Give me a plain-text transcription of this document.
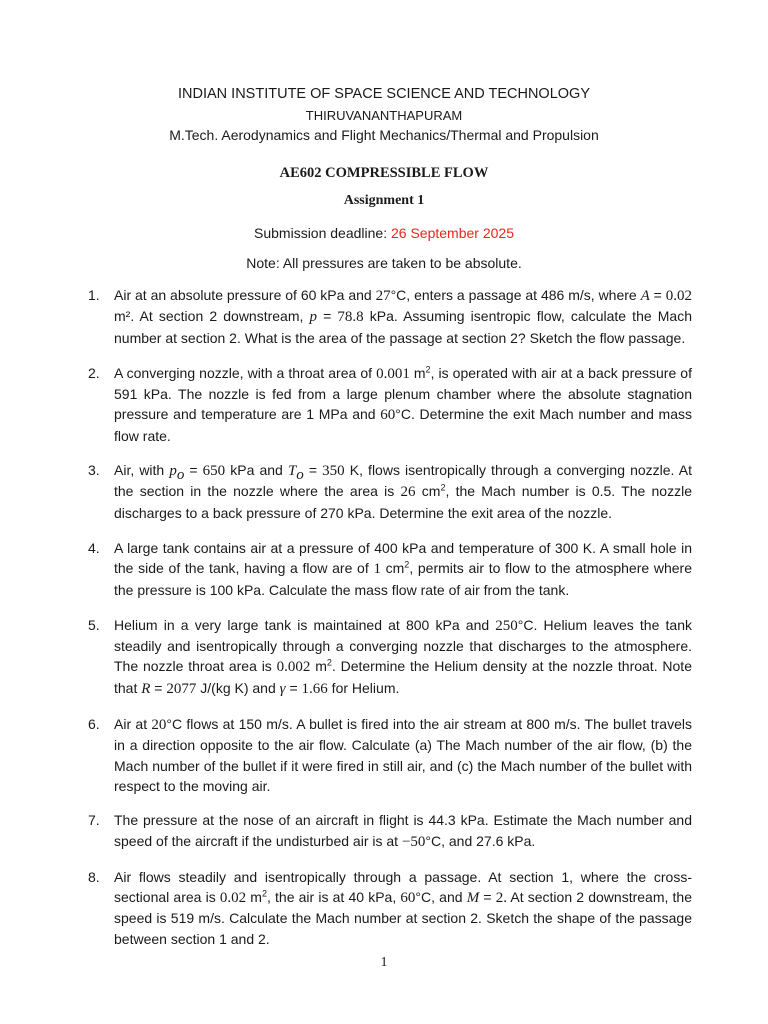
INDIAN INSTITUTE OF SPACE SCIENCE AND TECHNOLOGY

THIRUVANANTHAPURAM

M.Tech. Aerodynamics and Flight Mechanics/Thermal and Propulsion

AE602 COMPRESSIBLE FLOW

Assignment 1

Submission deadline: 26 September 2025

Note: All pressures are taken to be absolute.

1.	Air at an absolute pressure of 60 kPa and 27°C, enters a passage at 486 m/s, where A = 0.02 m². At section 2 downstream, p = 78.8 kPa. Assuming isentropic flow, calculate the Mach number at section 2. What is the area of the passage at section 2? Sketch the flow passage.
2.	A converging nozzle, with a throat area of 0.001 $m^2$, is operated with air at a back pressure of 591 kPa. The nozzle is fed from a large plenum chamber where the absolute stagnation pressure and temperature are 1 MPa and 60°C. Determine the exit Mach number and mass flow rate.
3.	Air, with $p_o = 650$ kPa and $T_o = 350$ K, flows isentropically through a converging nozzle. At the section in the nozzle where the area is 26 $cm^2$, the Mach number is 0.5. The nozzle discharges to a back pressure of 270 kPa. Determine the exit area of the nozzle.
4.	A large tank contains air at a pressure of 400 kPa and temperature of 300 K. A small hole in the side of the tank, having a flow are of 1 $cm^2$, permits air to flow to the atmosphere where the pressure is 100 kPa. Calculate the mass flow rate of air from the tank.
5.	Helium in a very large tank is maintained at 800 kPa and 250°C. Helium leaves the tank steadily and isentropically through a converging nozzle that discharges to the atmosphere. The nozzle throat area is 0.002 $m^2$. Determine the Helium density at the nozzle throat. Note that R = 2077 J/(kg K) and γ = 1.66 for Helium.
6.	Air at 20°C flows at 150 m/s. A bullet is fired into the air stream at 800 m/s. The bullet travels in a direction opposite to the air flow. Calculate (a) The Mach number of the air flow, (b) the Mach number of the bullet if it were fired in still air, and (c) the Mach number of the bullet with respect to the moving air.
7.	The pressure at the nose of an aircraft in flight is 44.3 kPa. Estimate the Mach number and speed of the aircraft if the undisturbed air is at −50°C, and 27.6 kPa.
8.	Air flows steadily and isentropically through a passage. At section 1, where the cross-sectional area is 0.02 $m^2$, the air is at 40 kPa, 60°C, and M = 2. At section 2 downstream, the speed is 519 m/s. Calculate the Mach number at section 2. Sketch the shape of the passage between section 1 and 2.
1
